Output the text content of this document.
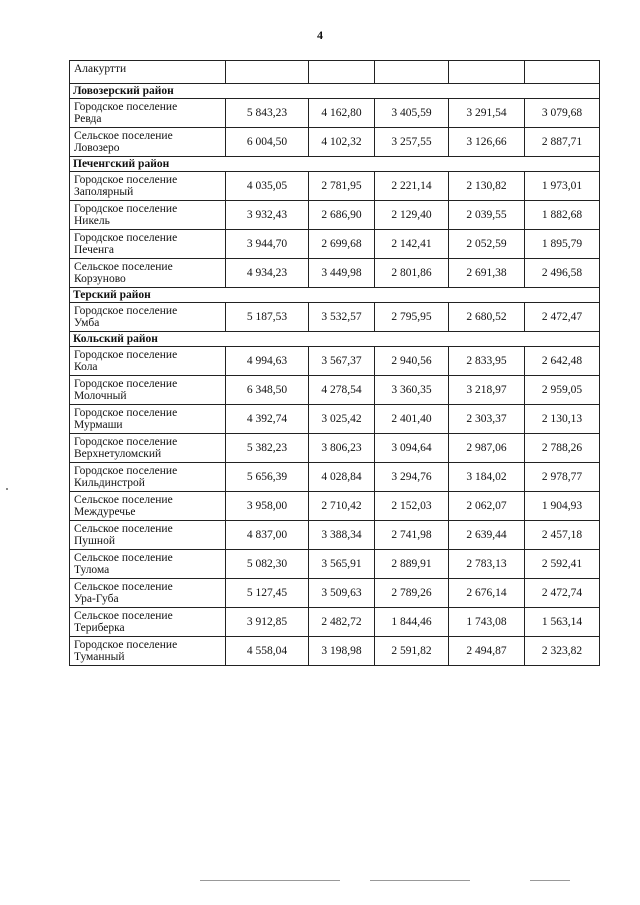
4
Алакуртти					

Ловозерский район					

Городское поселение
Ревда	5 843,23	4 162,80	3 405,59	3 291,54	3 079,68

Сельское поселение
Ловозеро	6 004,50	4 102,32	3 257,55	3 126,66	2 887,71
Печенгский район					

Городское поселение
Заполярный	4 035,05	2 781,95	2 221,14	2 130,82	1 973,01

Городское поселение
Никель	3 932,43	2 686,90	2 129,40	2 039,55	1 882,68

Городское поселение
Печенга	3 944,70	2 699,68	2 142,41	2 052,59	1 895,79

Сельское поселение
Корзуново	4 934,23	3 449,98	2 801,86	2 691,38	2 496,58
Терский район					

Городское поселение
Умба	5 187,53	3 532,57	2 795,95	2 680,52	2 472,47
Кольский район					

Городское поселение
Кола	4 994,63	3 567,37	2 940,56	2 833,95	2 642,48

Городское поселение
Молочный	6 348,50	4 278,54	3 360,35	3 218,97	2 959,05

Городское поселение
Мурмаши	4 392,74	3 025,42	2 401,40	2 303,37	2 130,13

Городское поселение
Верхнетуломский	5 382,23	3 806,23	3 094,64	2 987,06	2 788,26

Городское поселение
Кильдинстрой	5 656,39	4 028,84	3 294,76	3 184,02	2 978,77

Сельское поселение
Междуречье	3 958,00	2 710,42	2 152,03	2 062,07	1 904,93

Сельское поселение
Пушной	4 837,00	3 388,34	2 741,98	2 639,44	2 457,18

Сельское поселение
Тулома	5 082,30	3 565,91	2 889,91	2 783,13	2 592,41

Сельское поселение
Ура-Губа	5 127,45	3 509,63	2 789,26	2 676,14	2 472,74

Сельское поселение
Териберка	3 912,85	2 482,72	1 844,46	1 743,08	1 563,14

Городское поселение
Туманный	4 558,04	3 198,98	2 591,82	2 494,87	2 323,82
